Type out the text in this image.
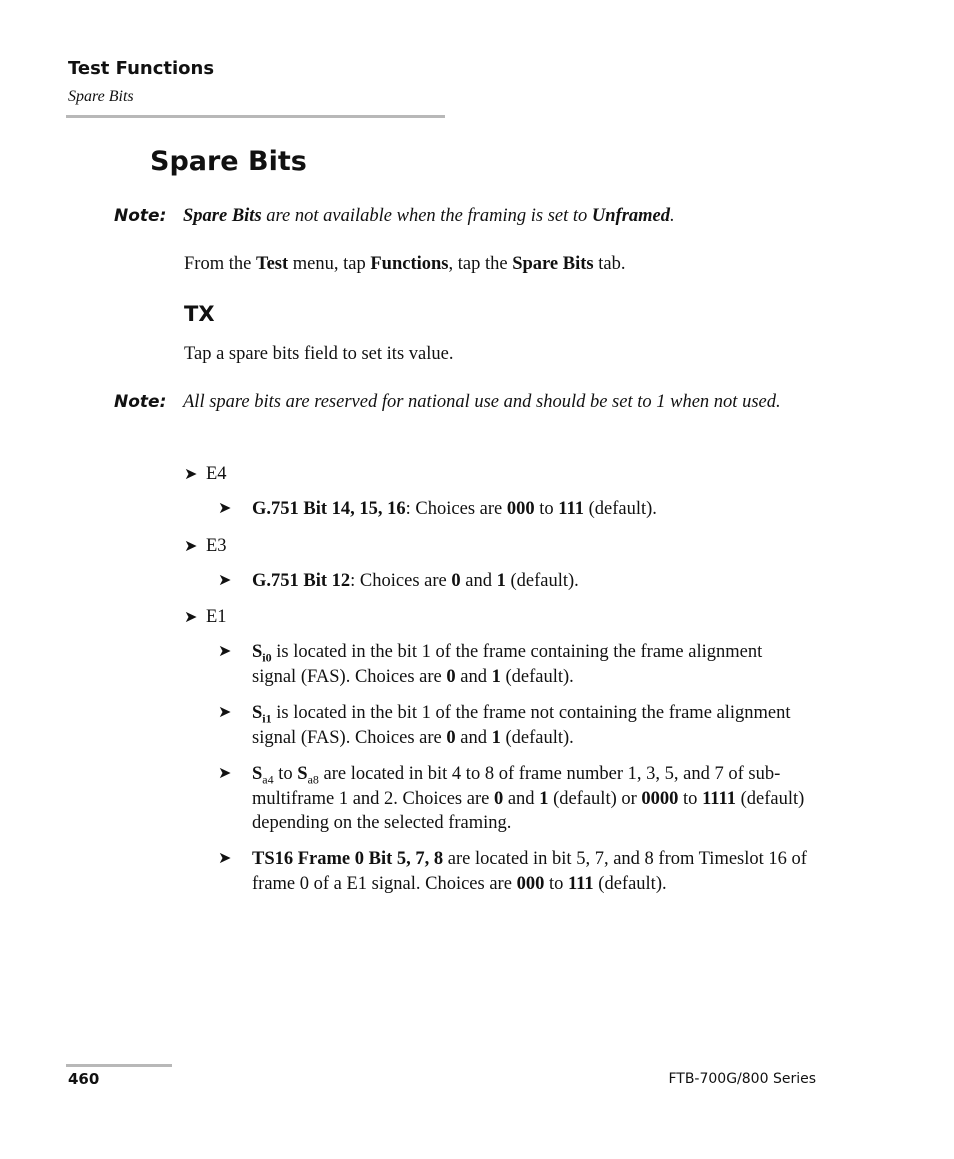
Test Functions
Spare Bits
Spare Bits
Note: Spare Bits are not available when the framing is set to Unframed.
From the Test menu, tap Functions, tap the Spare Bits tab.
TX
Tap a spare bits field to set its value.
Note: All spare bits are reserved for national use and should be set to 1 when not used.
➤ E4
➤	G.751 Bit 14, 15, 16: Choices are 000 to 111 (default).
➤ E3
➤	G.751 Bit 12: Choices are 0 and 1 (default).
➤ E1
➤	$S_{i0}$ is located in the bit 1 of the frame containing the frame alignment signal (FAS). Choices are 0 and 1 (default).
➤	$S_{i1}$ is located in the bit 1 of the frame not containing the frame alignment signal (FAS). Choices are 0 and 1 (default).
➤	$S_{a4}$ to $S_{a8}$ are located in bit 4 to 8 of frame number 1, 3, 5, and 7 of sub-multiframe 1 and 2. Choices are 0 and 1 (default) or 0000 to 1111 (default) depending on the selected framing.
➤	TS16 Frame 0 Bit 5, 7, 8 are located in bit 5, 7, and 8 from Timeslot 16 of frame 0 of a E1 signal. Choices are 000 to 111 (default).
460	FTB-700G/800 Series
